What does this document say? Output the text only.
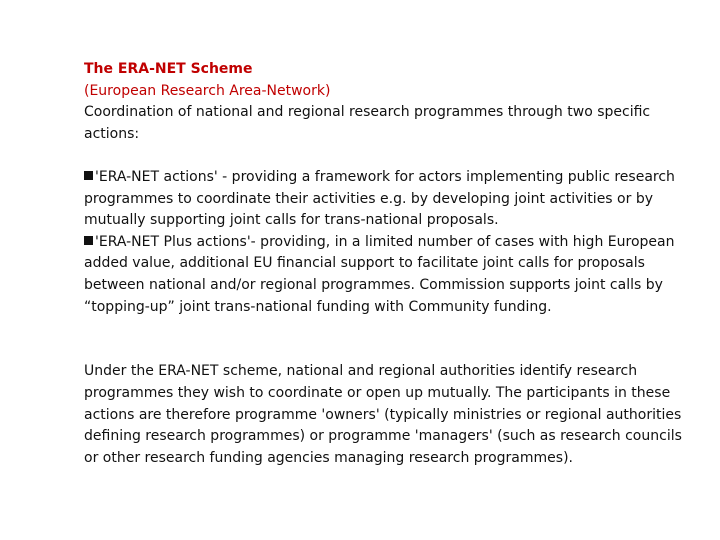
The ERA-NET Scheme
(European Research Area-Network)

Coordination of national and regional research programmes through two specific actions:

'ERA-NET actions' - providing a framework for actors implementing public research programmes to coordinate their activities e.g. by developing joint activities or by mutually supporting joint calls for trans-national proposals.

'ERA-NET Plus actions'- providing, in a limited number of cases with high European added value, additional EU financial support to facilitate joint calls for proposals between national and/or regional programmes. Commission supports joint calls by “topping-up” joint trans-national funding with Community funding.

Under the ERA-NET scheme, national and regional authorities identify research programmes they wish to coordinate or open up mutually. The participants in these actions are therefore programme 'owners' (typically ministries or regional authorities defining research programmes) or programme 'managers' (such as research councils or other research funding agencies managing research programmes).
